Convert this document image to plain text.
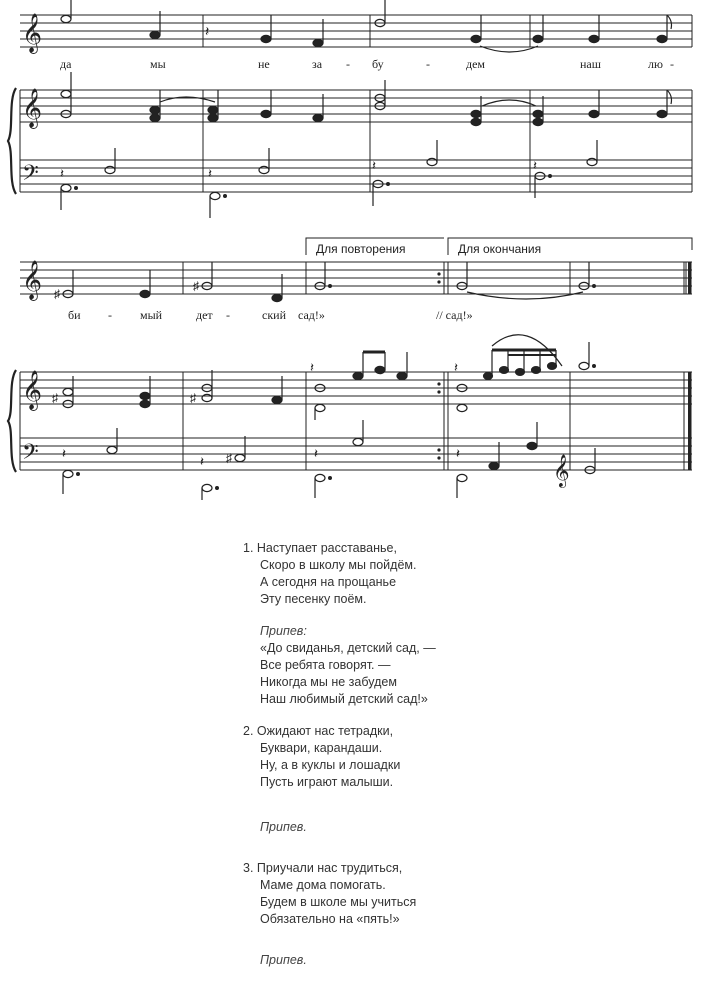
𝄞
𝄞
𝄢
𝄞
𝄞
𝄢	𝄞
𝄽
𝄽	𝄽
𝄽	𝄽
♯
♯
♯	♯
𝄽	𝄽
𝄽
𝄽 ♯	𝄽	𝄽
да	мы	не	за - бу	-	дем	наш	лю -
Для повторения	Для окончания
би - мый	дет -	ский сад!»	// сад!»
1. Наступает расставанье,
Скоро в школу мы пойдём.
А сегодня на прощанье
Эту песенку поём.
Припев:
«До свиданья, детский сад, —
Все ребята говорят. —
Никогда мы не забудем
Наш любимый детский сад!»
2. Ожидают нас тетрадки,
Буквари, карандаши.
Ну, а в куклы и лошадки
Пусть играют малыши.
Припев.
3. Приучали нас трудиться,
Маме дома помогать.
Будем в школе мы учиться
Обязательно на «пять!»
Припев.
